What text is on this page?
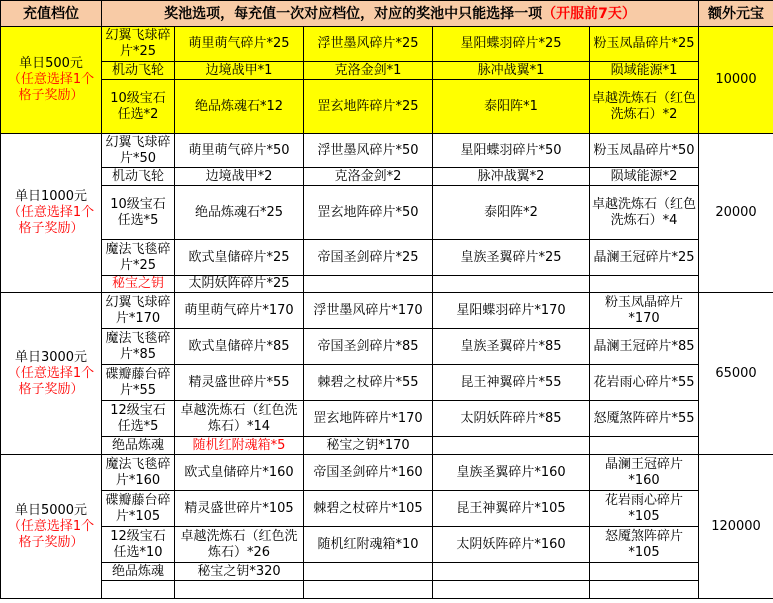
充值档位	奖池选项，每充值一次对应档位，对应的奖池中只能选择一项（开服前7天）					额外元宝

单日500元
（任意选择1个格子奖励）	幻翼飞球碎片*25	萌里萌气碎片*25	浮世墨风碎片*25	星阳蝶羽碎片*25	粉玉凤晶碎片*25	10000
	机动飞轮	边境战甲*1	克洛金剑*1	脉冲战翼*1	陨域能源*1	
	10级宝石任选*2	绝品炼魂石*12	罡玄地阵碎片*25	泰阳阵*1	卓越洗炼石（红色洗炼石）*2	

单日1000元
（任意选择1个格子奖励）	幻翼飞球碎片*50	萌里萌气碎片*50	浮世墨风碎片*50	星阳蝶羽碎片*50	粉玉凤晶碎片*50	20000
	机动飞轮	边境战甲*2	克洛金剑*2	脉冲战翼*2	陨域能源*2	
	10级宝石任选*5	绝品炼魂石*25	罡玄地阵碎片*50	泰阳阵*2	卓越洗炼石（红色洗炼石）*4	
	魔法飞毯碎片*25	欧式皇储碎片*25	帝国圣剑碎片*25	皇族圣翼碎片*25	晶澜王冠碎片*25	
	秘宝之钥	太阴妖阵碎片*25				

单日3000元
（任意选择1个格子奖励）	幻翼飞球碎片*170	萌里萌气碎片*170	浮世墨风碎片*170	星阳蝶羽碎片*170	粉玉凤晶碎片*170	65000
	魔法飞毯碎片*85	欧式皇储碎片*85	帝国圣剑碎片*85	皇族圣翼碎片*85	晶澜王冠碎片*85	
	碟瓣藤台碎片*55	精灵盛世碎片*55	棘碧之杖碎片*55	昆王神翼碎片*55	花岩雨心碎片*55	
	12级宝石任选*5	卓越洗炼石（红色洗炼石）*14	罡玄地阵碎片*170	太阴妖阵碎片*85	怒魇煞阵碎片*55	
	绝品炼魂	随机红附魂箱*5	秘宝之钥*170			

单日5000元
（任意选择1个格子奖励）	魔法飞毯碎片*160	欧式皇储碎片*160	帝国圣剑碎片*160	皇族圣翼碎片*160	晶澜王冠碎片*160	120000
	碟瓣藤台碎片*105	精灵盛世碎片*105	棘碧之杖碎片*105	昆王神翼碎片*105	花岩雨心碎片*105	
	12级宝石任选*10	卓越洗炼石（红色洗炼石）*26	随机红附魂箱*10	太阴妖阵碎片*160	怒魇煞阵碎片*105	
	绝品炼魂	秘宝之钥*320				
